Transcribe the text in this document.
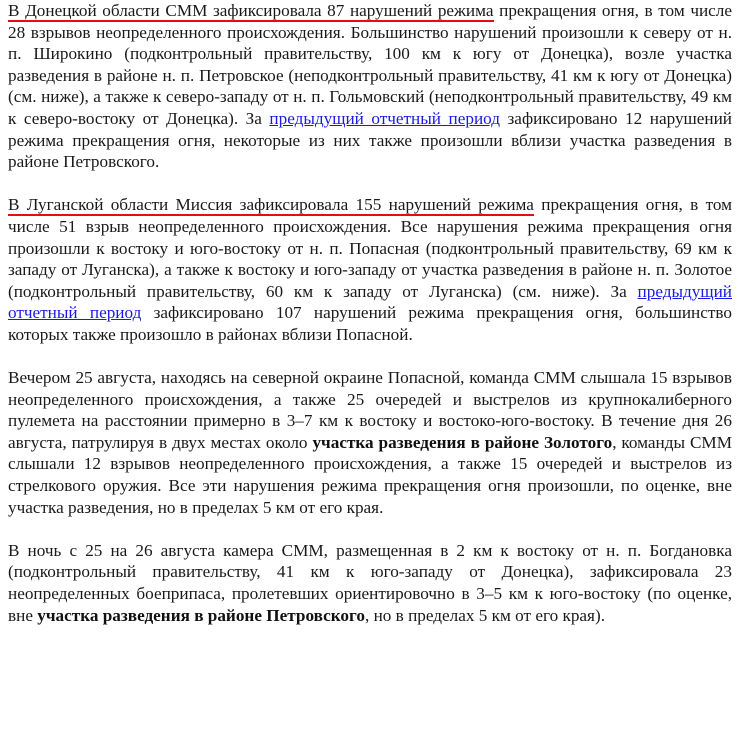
В Донецкой области СММ зафиксировала 87 нарушений режима прекращения огня, в том числе 28 взрывов неопределенного происхождения. Большинство нарушений произошли к северу от н. п. Широкино (подконтрольный правительству, 100 км к югу от Донецка), возле участка разведения в районе н. п. Петровское (неподконтрольный правительству, 41 км к югу от Донецка) (см. ниже), а также к северо-западу от н. п. Гольмовский (неподконтрольный правительству, 49 км к северо-востоку от Донецка). За предыдущий отчетный период зафиксировано 12 нарушений режима прекращения огня, некоторые из них также произошли вблизи участка разведения в районе Петровского.

В Луганской области Миссия зафиксировала 155 нарушений режима прекращения огня, в том числе 51 взрыв неопределенного происхождения. Все нарушения режима прекращения огня произошли к востоку и юго-востоку от н. п. Попасная (подконтрольный правительству, 69 км к западу от Луганска), а также к востоку и юго-западу от участка разведения в районе н. п. Золотое (подконтрольный правительству, 60 км к западу от Луганска) (см. ниже). За предыдущий отчетный период зафиксировано 107 нарушений режима прекращения огня, большинство которых также произошло в районах вблизи Попасной.

Вечером 25 августа, находясь на северной окраине Попасной, команда СММ слышала 15 взрывов неопределенного происхождения, а также 25 очередей и выстрелов из крупнокалиберного пулемета на расстоянии примерно в 3–7 км к востоку и востоко-юго-востоку. В течение дня 26 августа, патрулируя в двух местах около участка разведения в районе Золотого, команды СММ слышали 12 взрывов неопределенного происхождения, а также 15 очередей и выстрелов из стрелкового оружия. Все эти нарушения режима прекращения огня произошли, по оценке, вне участка разведения, но в пределах 5 км от его края.

В ночь с 25 на 26 августа камера СММ, размещенная в 2 км к востоку от н. п. Богдановка (подконтрольный правительству, 41 км к юго-западу от Донецка), зафиксировала 23 неопределенных боеприпаса, пролетевших ориентировочно в 3–5 км к юго-востоку (по оценке, вне участка разведения в районе Петровского, но в пределах 5 км от его края).
